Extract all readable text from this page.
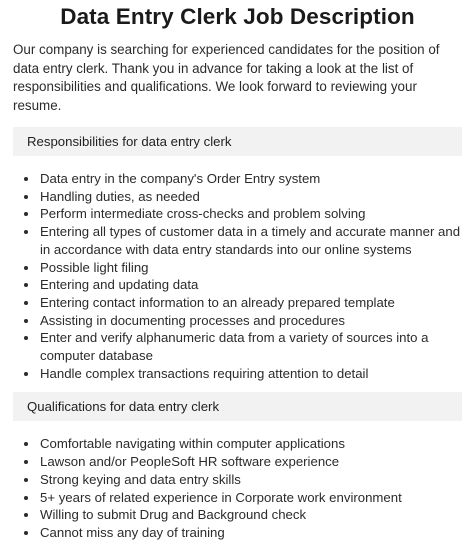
Data Entry Clerk Job Description

Our company is searching for experienced candidates for the position of data entry clerk. Thank you in advance for taking a look at the list of responsibilities and qualifications. We look forward to reviewing your resume.

Responsibilities for data entry clerk
Data entry in the company's Order Entry system
Handling duties, as needed
Perform intermediate cross-checks and problem solving
Entering all types of customer data in a timely and accurate manner and in accordance with data entry standards into our online systems
Possible light filing
Entering and updating data
Entering contact information to an already prepared template
Assisting in documenting processes and procedures
Enter and verify alphanumeric data from a variety of sources into a computer database
Handle complex transactions requiring attention to detail
Qualifications for data entry clerk
Comfortable navigating within computer applications
Lawson and/or PeopleSoft HR software experience
Strong keying and data entry skills
5+ years of related experience in Corporate work environment
Willing to submit Drug and Background check
Cannot miss any day of training
